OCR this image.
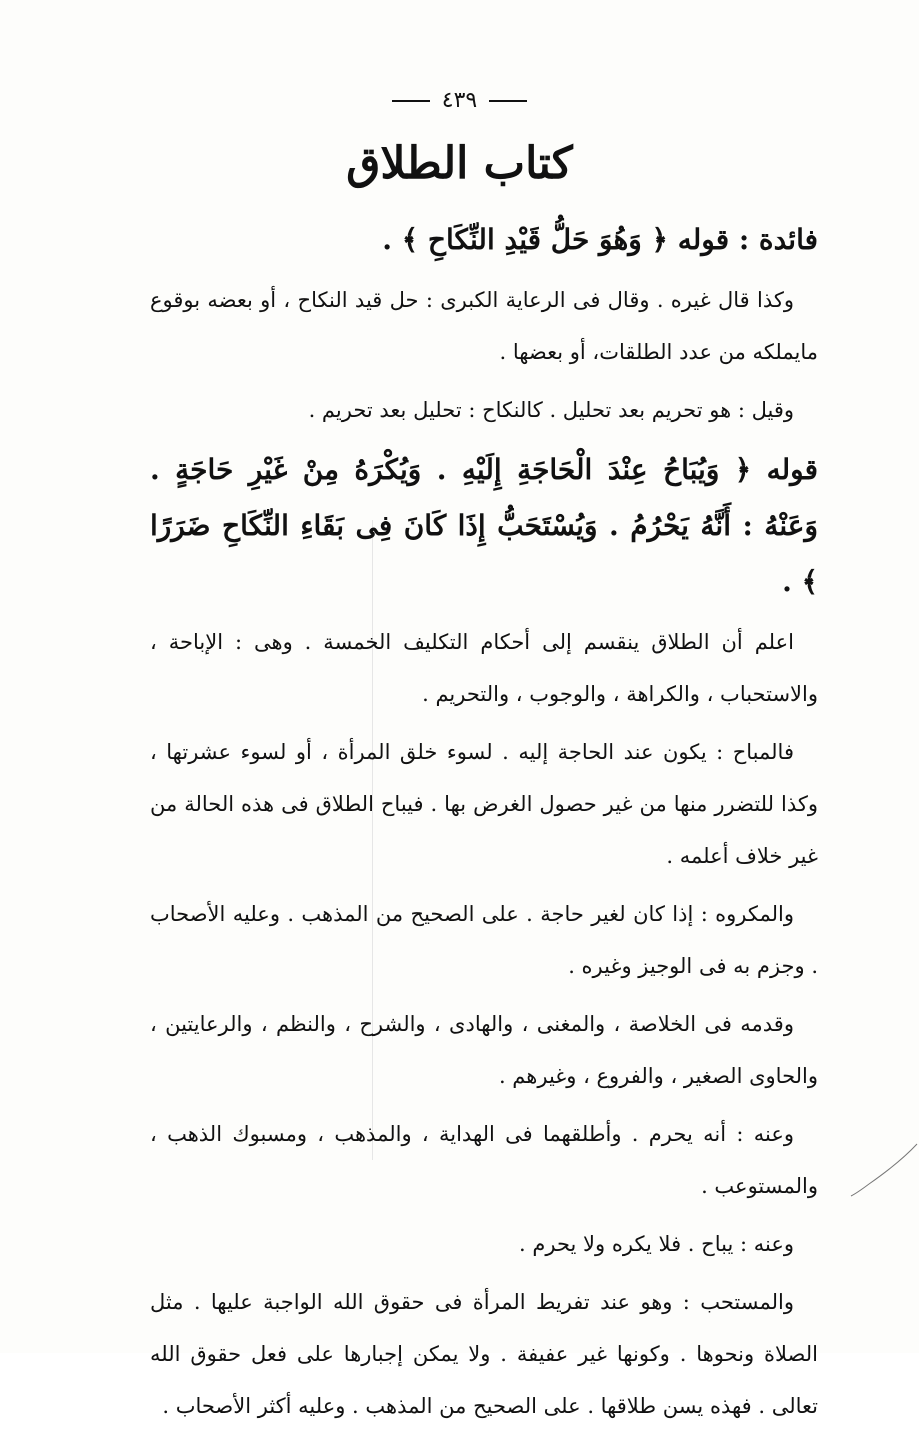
٤٣٩
كتاب الطلاق

فائدة : قوله ﴿ وَهُوَ حَلُّ قَيْدِ النِّكَاحِ ﴾ .

وكذا قال غيره . وقال فى الرعاية الكبرى : حل قيد النكاح ، أو بعضه بوقوع مايملكه من عدد الطلقات، أو بعضها .

وقيل : هو تحريم بعد تحليل . كالنكاح : تحليل بعد تحريم .

قوله ﴿ وَيُبَاحُ عِنْدَ الْحَاجَةِ إِلَيْهِ . وَيُكْرَهُ مِنْ غَيْرِ حَاجَةٍ . وَعَنْهُ : أَنَّهُ يَحْرُمُ . وَيُسْتَحَبُّ إِذَا كَانَ فِى بَقَاءِ النِّكَاحِ ضَرَرًا ﴾ .

اعلم أن الطلاق ينقسم إلى أحكام التكليف الخمسة . وهى : الإباحة ، والاستحباب ، والكراهة ، والوجوب ، والتحريم .

فالمباح : يكون عند الحاجة إليه . لسوء خلق المرأة ، أو لسوء عشرتها ، وكذا للتضرر منها من غير حصول الغرض بها . فيباح الطلاق فى هذه الحالة من غير خلاف أعلمه .

والمكروه : إذا كان لغير حاجة . على الصحيح من المذهب . وعليه الأصحاب . وجزم به فى الوجيز وغيره .

وقدمه فى الخلاصة ، والمغنى ، والهادى ، والشرح ، والنظم ، والرعايتين ، والحاوى الصغير ، والفروع ، وغيرهم .

وعنه : أنه يحرم . وأطلقهما فى الهداية ، والمذهب ، ومسبوك الذهب ، والمستوعب .

وعنه : يباح . فلا يكره ولا يحرم .

والمستحب : وهو عند تفريط المرأة فى حقوق الله الواجبة عليها . مثل الصلاة ونحوها . وكونها غير عفيفة . ولا يمكن إجبارها على فعل حقوق الله تعالى . فهذه يسن طلاقها . على الصحيح من المذهب . وعليه أكثر الأصحاب .
